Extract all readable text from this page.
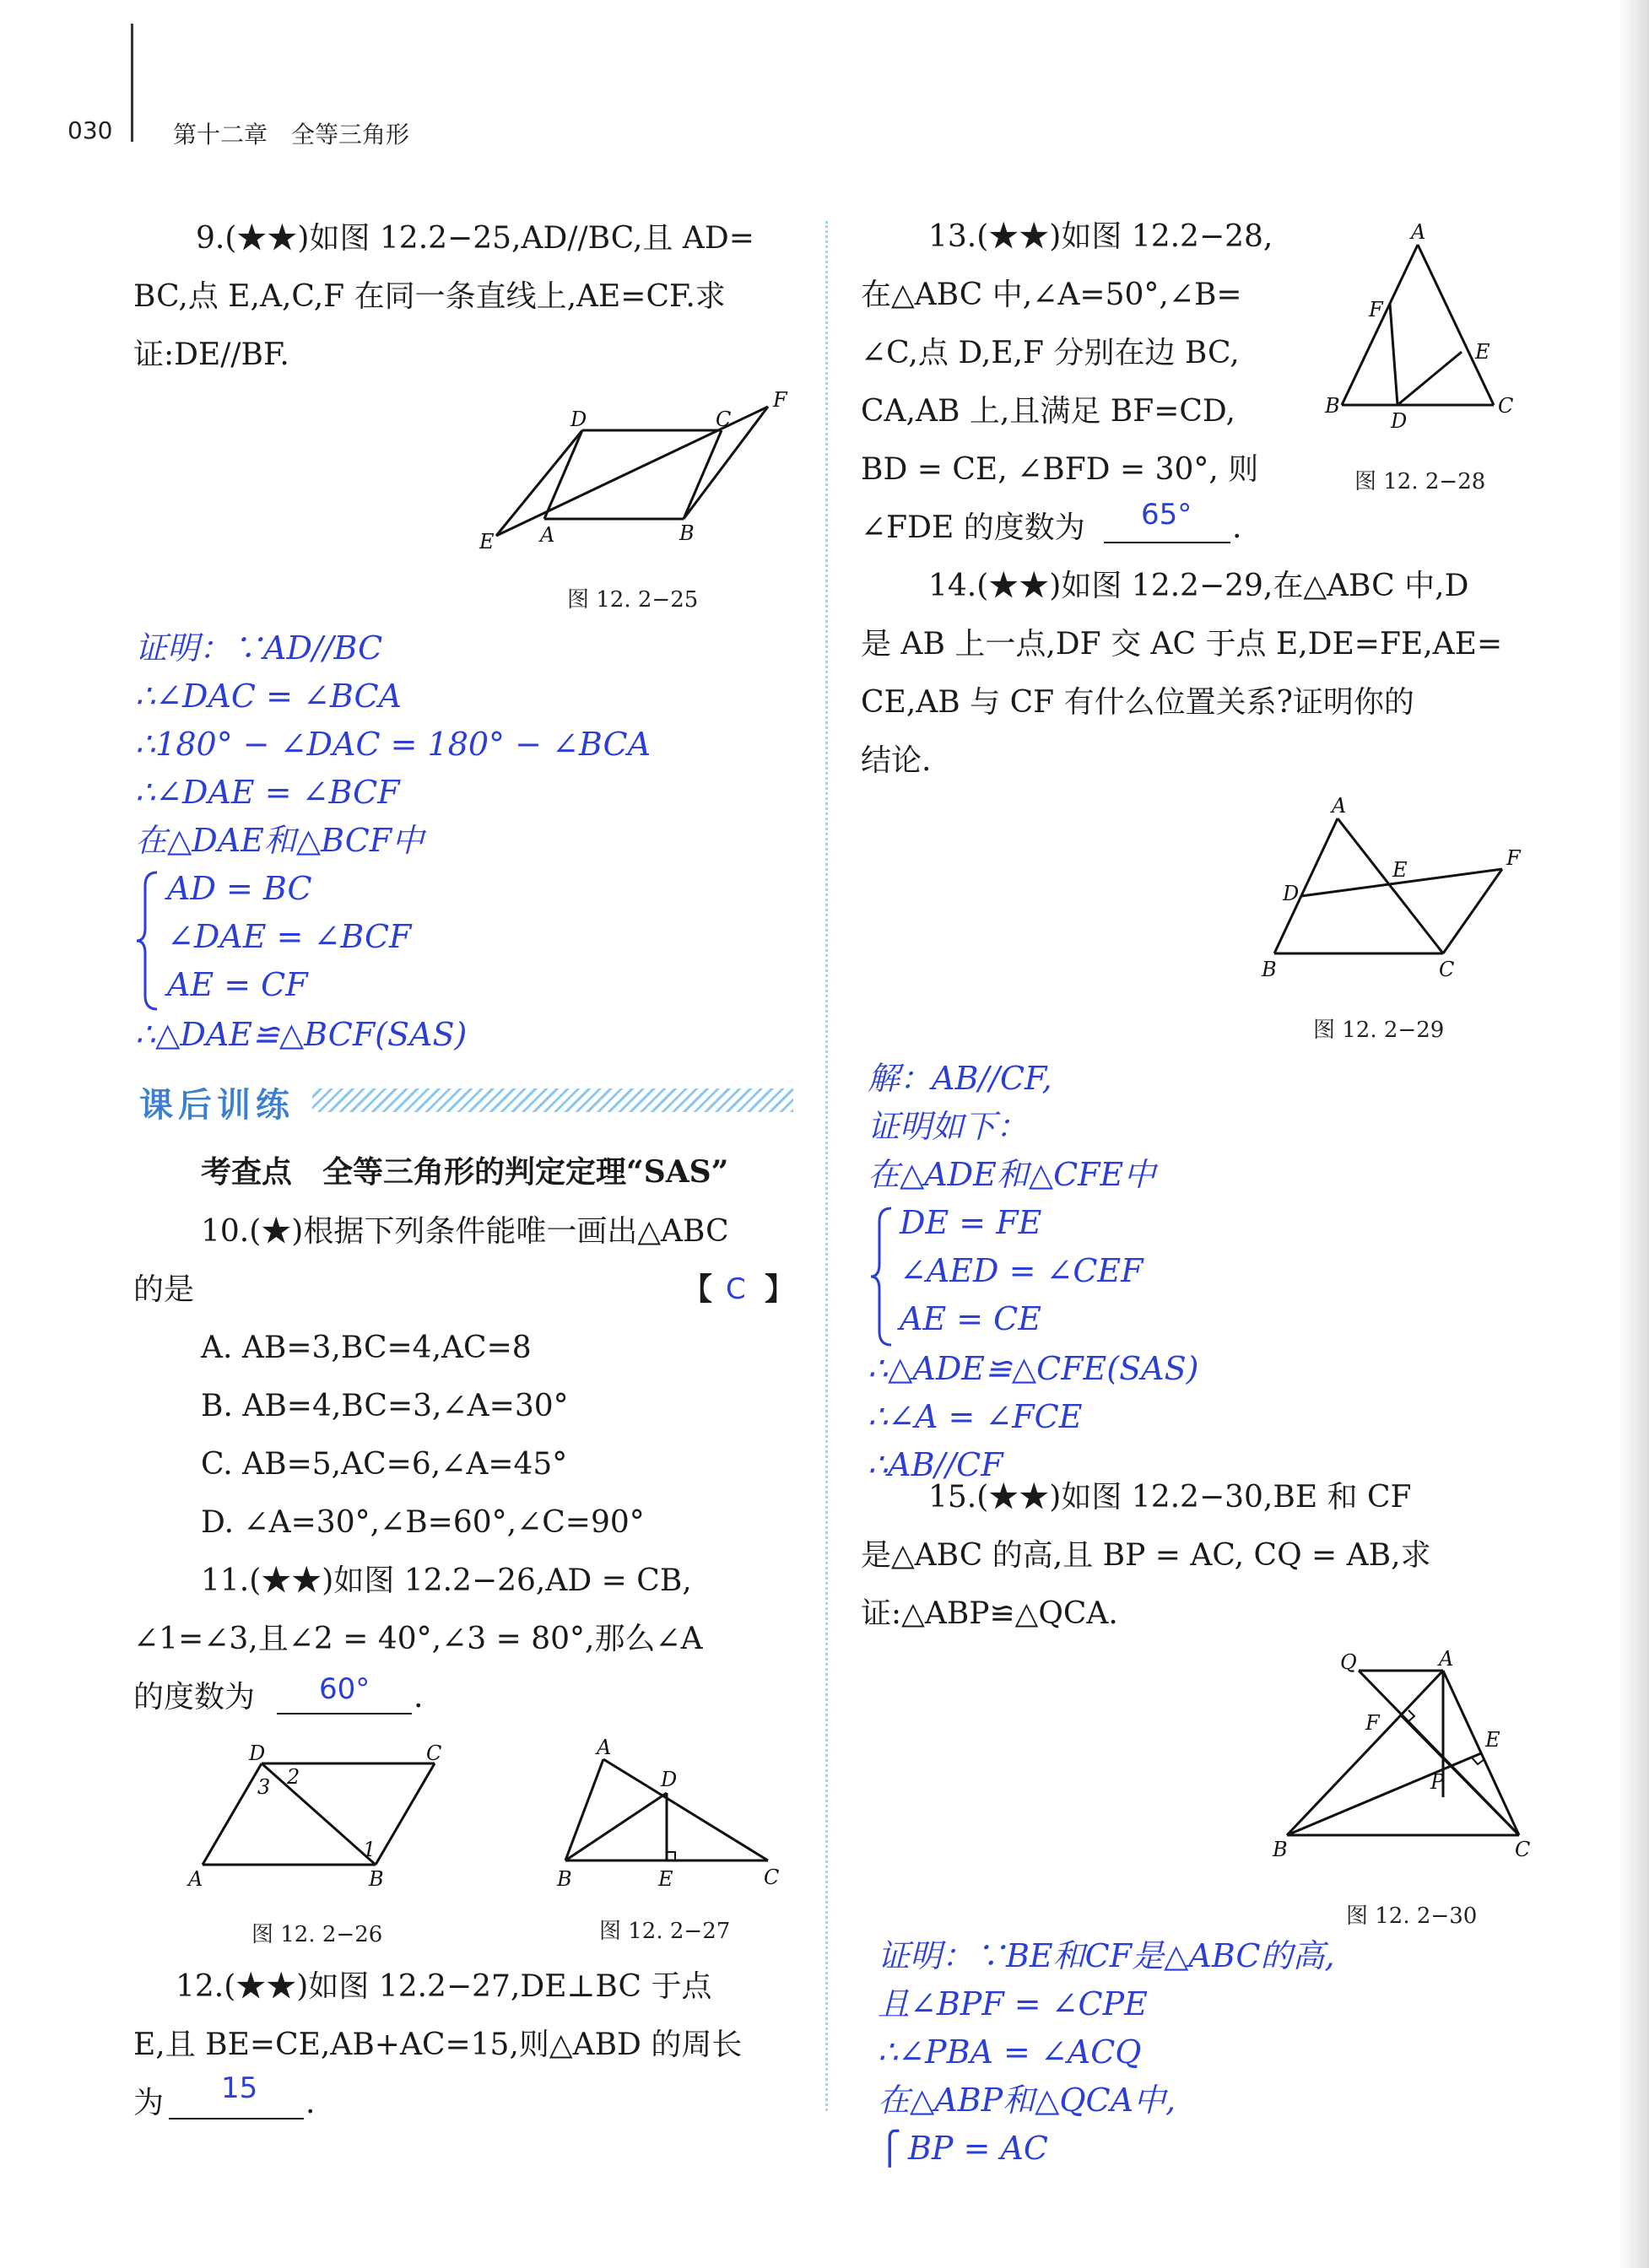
030	第十二章　全等三角形
9.(★★)如图 12.2−25,AD//BC,且 AD=
BC,点 E,A,C,F 在同一条直线上,AE=CF.求
证:DE//BF.
D	C
F
E A	B
图 12. 2−25
证明：∵AD//BC
∴∠DAC = ∠BCA
∴180° − ∠DAC = 180° − ∠BCA
∴∠DAE = ∠BCF
在△DAE和△BCF中
AD = BC
∠DAE = ∠BCF
AE = CF
∴△DAE≌△BCF(SAS)
课后训练
考查点　全等三角形的判定定理“SAS”
10.(★)根据下列条件能唯一画出△ABC
的是	【 C 】
A. AB=3,BC=4,AC=8
B. AB=4,BC=3,∠A=30°
C. AB=5,AC=6,∠A=45°
D. ∠A=30°,∠B=60°,∠C=90°
11.(★★)如图 12.2−26,AD = CB,
∠1=∠3,且∠2 = 40°,∠3 = 80°,那么∠A
的度数为 60° .
D	C
A	B
2
3
1
图 12. 2−26
A
D
B	E	C
图 12. 2−27
12.(★★)如图 12.2−27,DE⊥BC 于点
E,且 BE=CE,AB+AC=15,则△ABD 的周长
为 15 .
13.(★★)如图 12.2−28,
在△ABC 中,∠A=50°,∠B=
∠C,点 D,E,F 分别在边 BC,
CA,AB 上,且满足 BF=CD,
BD = CE, ∠BFD = 30°, 则
∠FDE 的度数为 65° .
A
F
E
B
D
C
图 12. 2−28
14.(★★)如图 12.2−29,在△ABC 中,D
是 AB 上一点,DF 交 AC 于点 E,DE=FE,AE=
CE,AB 与 CF 有什么位置关系?证明你的
结论.
A
D
E	F
B	C
图 12. 2−29
解：AB//CF,
证明如下：
在△ADE和△CFE中
DE = FE
∠AED = ∠CEF
AE = CE
∴△ADE≌△CFE(SAS)
∴∠A = ∠FCE
∴AB//CF
15.(★★)如图 12.2−30,BE 和 CF
是△ABC 的高,且 BP = AC, CQ = AB,求
证:△ABP≌△QCA.
Q	A
F
E
P
B	C
图 12. 2−30
证明：∵BE和CF是△ABC的高,
且∠BPF = ∠CPE
∴∠PBA = ∠ACQ
在△ABP和△QCA中,
⎧ BP = AC
